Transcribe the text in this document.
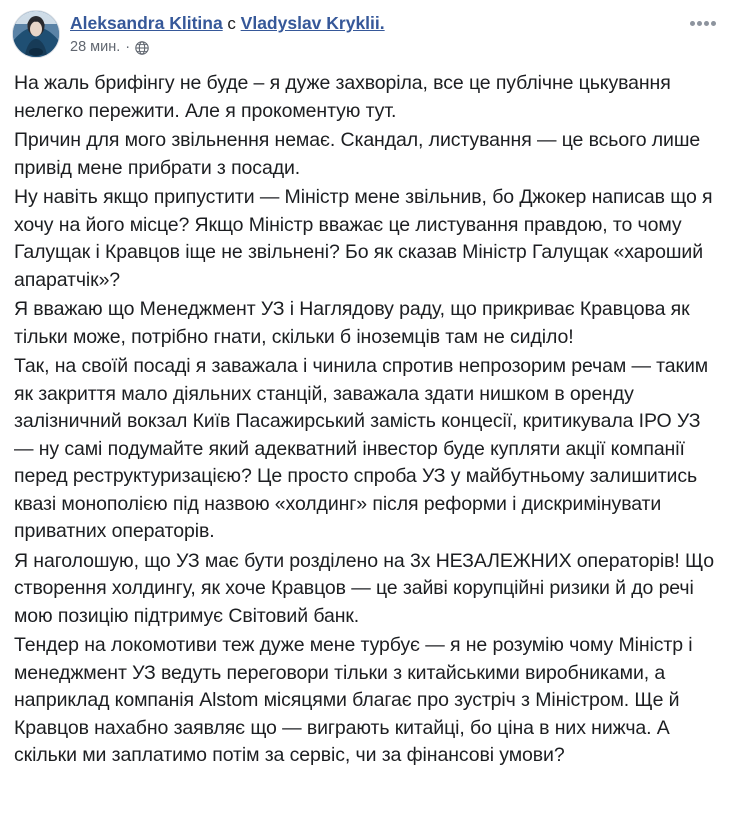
Aleksandra Klitina с Vladyslav Kryklii.
28 мин. ·

На жаль брифінгу не буде – я дуже захворіла, все це публічне цькування нелегко пережити. Але я прокоментую тут.

Причин для мого звільнення немає. Скандал, листування — це всього лише привід мене прибрати з посади.

Ну навіть якщо припустити — Міністр мене звільнив, бо Джокер написав що я хочу на його місце? Якщо Міністр вважає це листування правдою, то чому Галущак і Кравцов іще не звільнені? Бо як сказав Міністр Галущак «хароший апаратчік»?

Я вважаю що Менеджмент УЗ і Наглядову раду, що прикриває Кравцова як тільки може, потрібно гнати, скільки б іноземців там не сиділо!

Так, на своїй посаді я заважала і чинила спротив непрозорим речам — таким як закриття мало діяльних станцій, заважала здати нишком в оренду залізничний вокзал Київ Пасажирський замість концесії, критикувала ІРО УЗ — ну самі подумайте який адекватний інвестор буде купляти акції компанії перед реструктуризацією? Це просто спроба УЗ у майбутньому залишитись квазі монополією під назвою «холдинг» після реформи і дискримінувати приватних операторів.

Я наголошую, що УЗ має бути розділено на 3х НЕЗАЛЕЖНИХ операторів! Що створення холдингу, як хоче Кравцов — це зайві корупційні ризики й до речі мою позицію підтримує Світовий банк.

Тендер на локомотиви теж дуже мене турбує — я не розумію чому Міністр і менеджмент УЗ ведуть переговори тільки з китайськими виробниками, а наприклад компанія Alstom місяцями благає про зустріч з Міністром. Ще й Кравцов нахабно заявляє що — виграють китайці, бо ціна в них нижча. А скільки ми заплатимо потім за сервіс, чи за фінансові умови?
